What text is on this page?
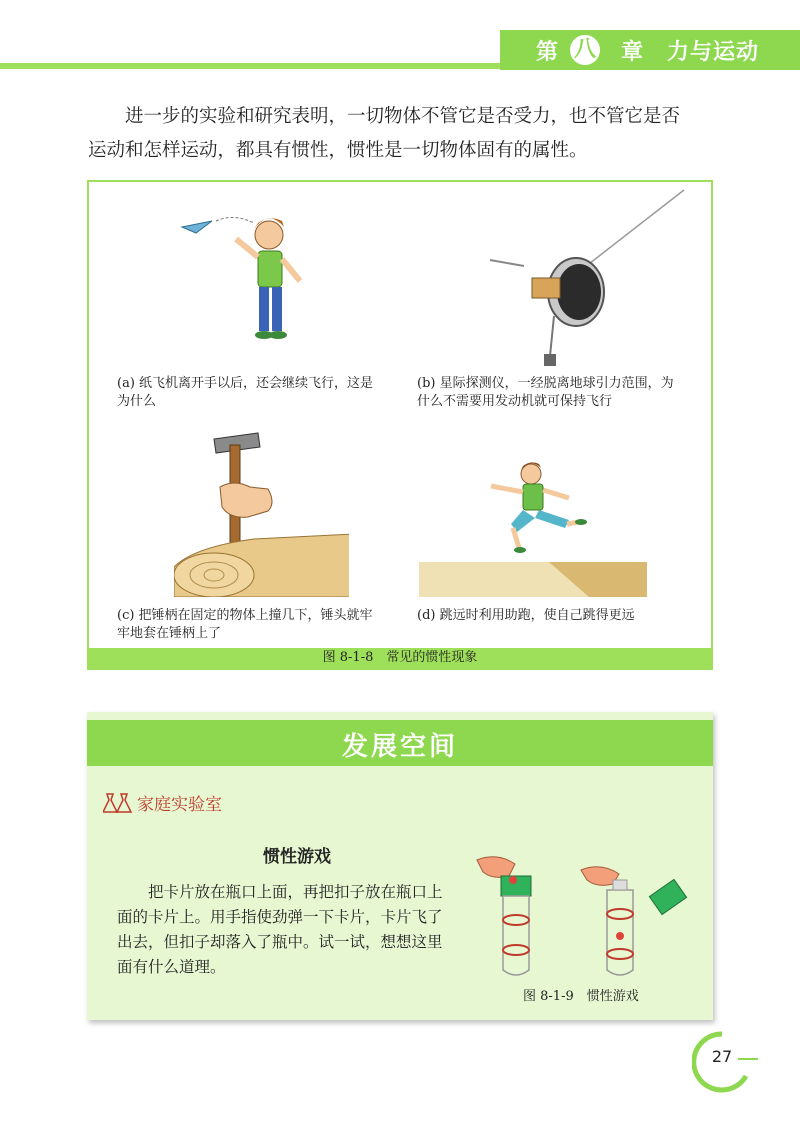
第	章 力与运动
八

进一步的实验和研究表明，一切物体不管它是否受力，也不管它是否运动和怎样运动，都具有惯性，惯性是一切物体固有的属性。

(a) 纸飞机离开手以后，还会继续飞行，这是为什么
(b) 星际探测仪，一经脱离地球引力范围，为什么不需要用发动机就可保持飞行
(c) 把锤柄在固定的物体上撞几下，锤头就牢牢地套在锤柄上了
(d) 跳远时利用助跑，使自己跳得更远
图 8-1-8　常见的惯性现象
发展空间
家庭实验室
惯性游戏

把卡片放在瓶口上面，再把扣子放在瓶口上面的卡片上。用手指使劲弹一下卡片，卡片飞了出去，但扣子却落入了瓶中。试一试，想想这里面有什么道理。

图 8-1-9　惯性游戏
27
